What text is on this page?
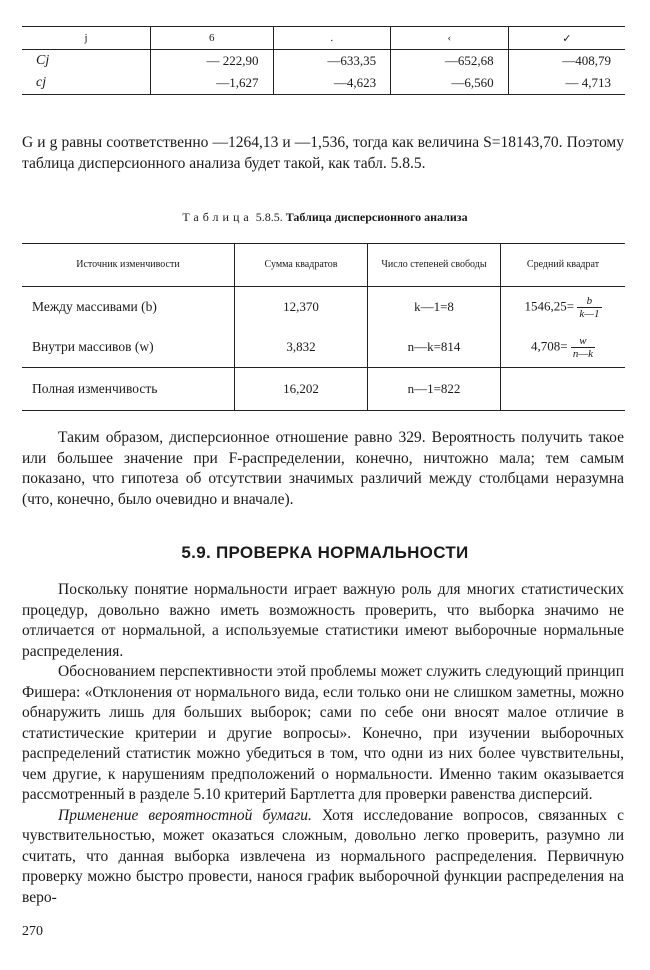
j	6	.	‹	✓
Cj	— 222,90	—633,35	—652,68	—408,79
cj	—1,627	—4,623	—6,560	— 4,713

G и g равны соответственно —1264,13 и —1,536, тогда как величина S=18143,70. Поэтому таблица дисперсионного анализа будет такой, как табл. 5.8.5.

Таблица 5.8.5. Таблица дисперсионного анализа
Источник изменчивости	Сумма квадратов	Число степеней свободы	Средний квадрат
Между массивами (b)	12,370	k—1=8	$1546,25= \frac{b}{k—1}$

Внутри массивов (w)	3,832	n—k=814	$4,708= \frac{w}{n—k}$

Полная изменчивость	16,202	n—1=822	

Таким образом, дисперсионное отношение равно 329. Вероятность получить такое или большее значение при F-распределении, конечно, ничтожно мала; тем самым показано, что гипотеза об отсутствии значимых различий между столбцами неразумна (что, конечно, было очевидно и вначале).

5.9. ПРОВЕРКА НОРМАЛЬНОСТИ

Поскольку понятие нормальности играет важную роль для многих статистических процедур, довольно важно иметь возможность проверить, что выборка значимо не отличается от нормальной, а используемые статистики имеют выборочные нормальные распределения.

Обоснованием перспективности этой проблемы может служить следующий принцип Фишера: «Отклонения от нормального вида, если только они не слишком заметны, можно обнаружить лишь для больших выборок; сами по себе они вносят малое отличие в статистические критерии и другие вопросы». Конечно, при изучении выборочных распределений статистик можно убедиться в том, что одни из них более чувствительны, чем другие, к нарушениям предположений о нормальности. Именно таким оказывается рассмотренный в разделе 5.10 критерий Бартлетта для проверки равенства дисперсий.

Применение вероятностной бумаги. Хотя исследование вопросов, связанных с чувствительностью, может оказаться сложным, довольно легко проверить, разумно ли считать, что данная выборка извлечена из нормального распределения. Первичную проверку можно быстро провести, нанося график выборочной функции распределения на веро-

270
